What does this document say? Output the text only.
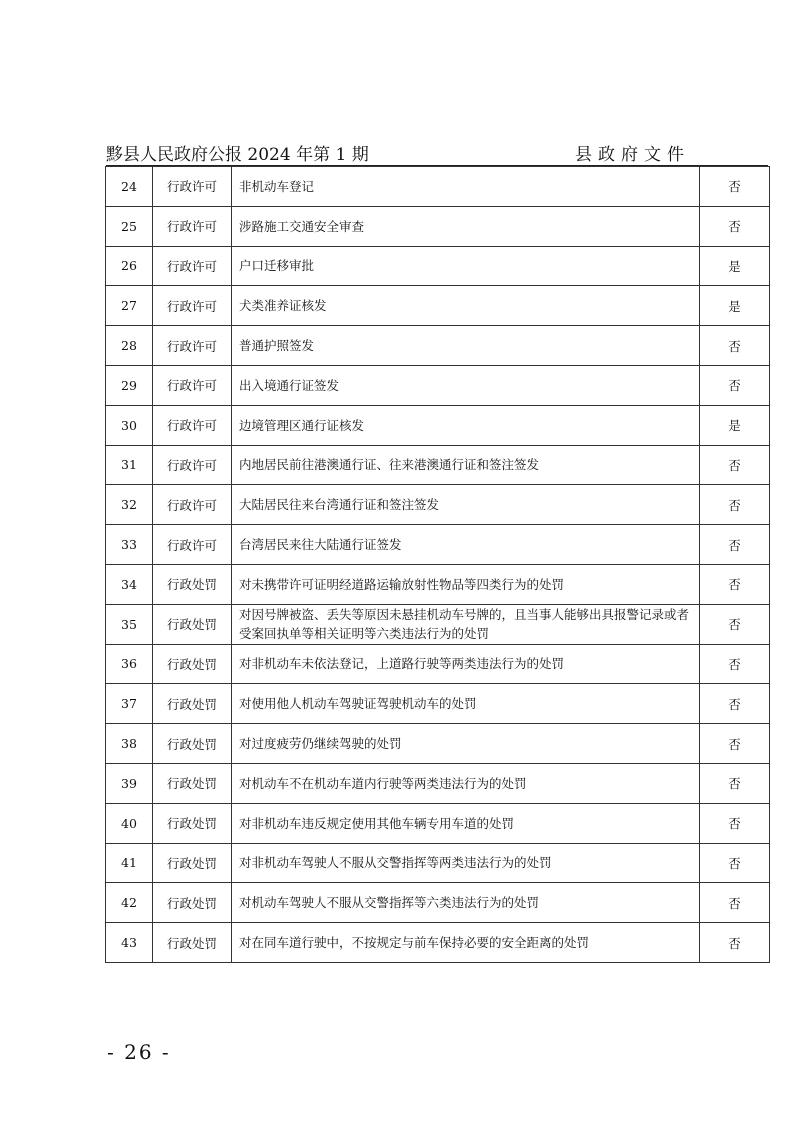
黟县人民政府公报 2024 年第 1 期	县政府文件
24	行政许可	非机动车登记	否
25	行政许可	涉路施工交通安全审查	否
26	行政许可	户口迁移审批	是
27	行政许可	犬类准养证核发	是
28	行政许可	普通护照签发	否
29	行政许可	出入境通行证签发	否
30	行政许可	边境管理区通行证核发	是
31	行政许可	内地居民前往港澳通行证、往来港澳通行证和签注签发	否
32	行政许可	大陆居民往来台湾通行证和签注签发	否
33	行政许可	台湾居民来往大陆通行证签发	否
34	行政处罚	对未携带许可证明经道路运输放射性物品等四类行为的处罚	否
35	行政处罚	对因号牌被盗、丢失等原因未悬挂机动车号牌的，且当事人能够出具报警记录或者受案回执单等相关证明等六类违法行为的处罚	否
36	行政处罚	对非机动车未依法登记，上道路行驶等两类违法行为的处罚	否
37	行政处罚	对使用他人机动车驾驶证驾驶机动车的处罚	否
38	行政处罚	对过度疲劳仍继续驾驶的处罚	否
39	行政处罚	对机动车不在机动车道内行驶等两类违法行为的处罚	否
40	行政处罚	对非机动车违反规定使用其他车辆专用车道的处罚	否
41	行政处罚	对非机动车驾驶人不服从交警指挥等两类违法行为的处罚	否
42	行政处罚	对机动车驾驶人不服从交警指挥等六类违法行为的处罚	否
43	行政处罚	对在同车道行驶中，不按规定与前车保持必要的安全距离的处罚	否
- 26 -
